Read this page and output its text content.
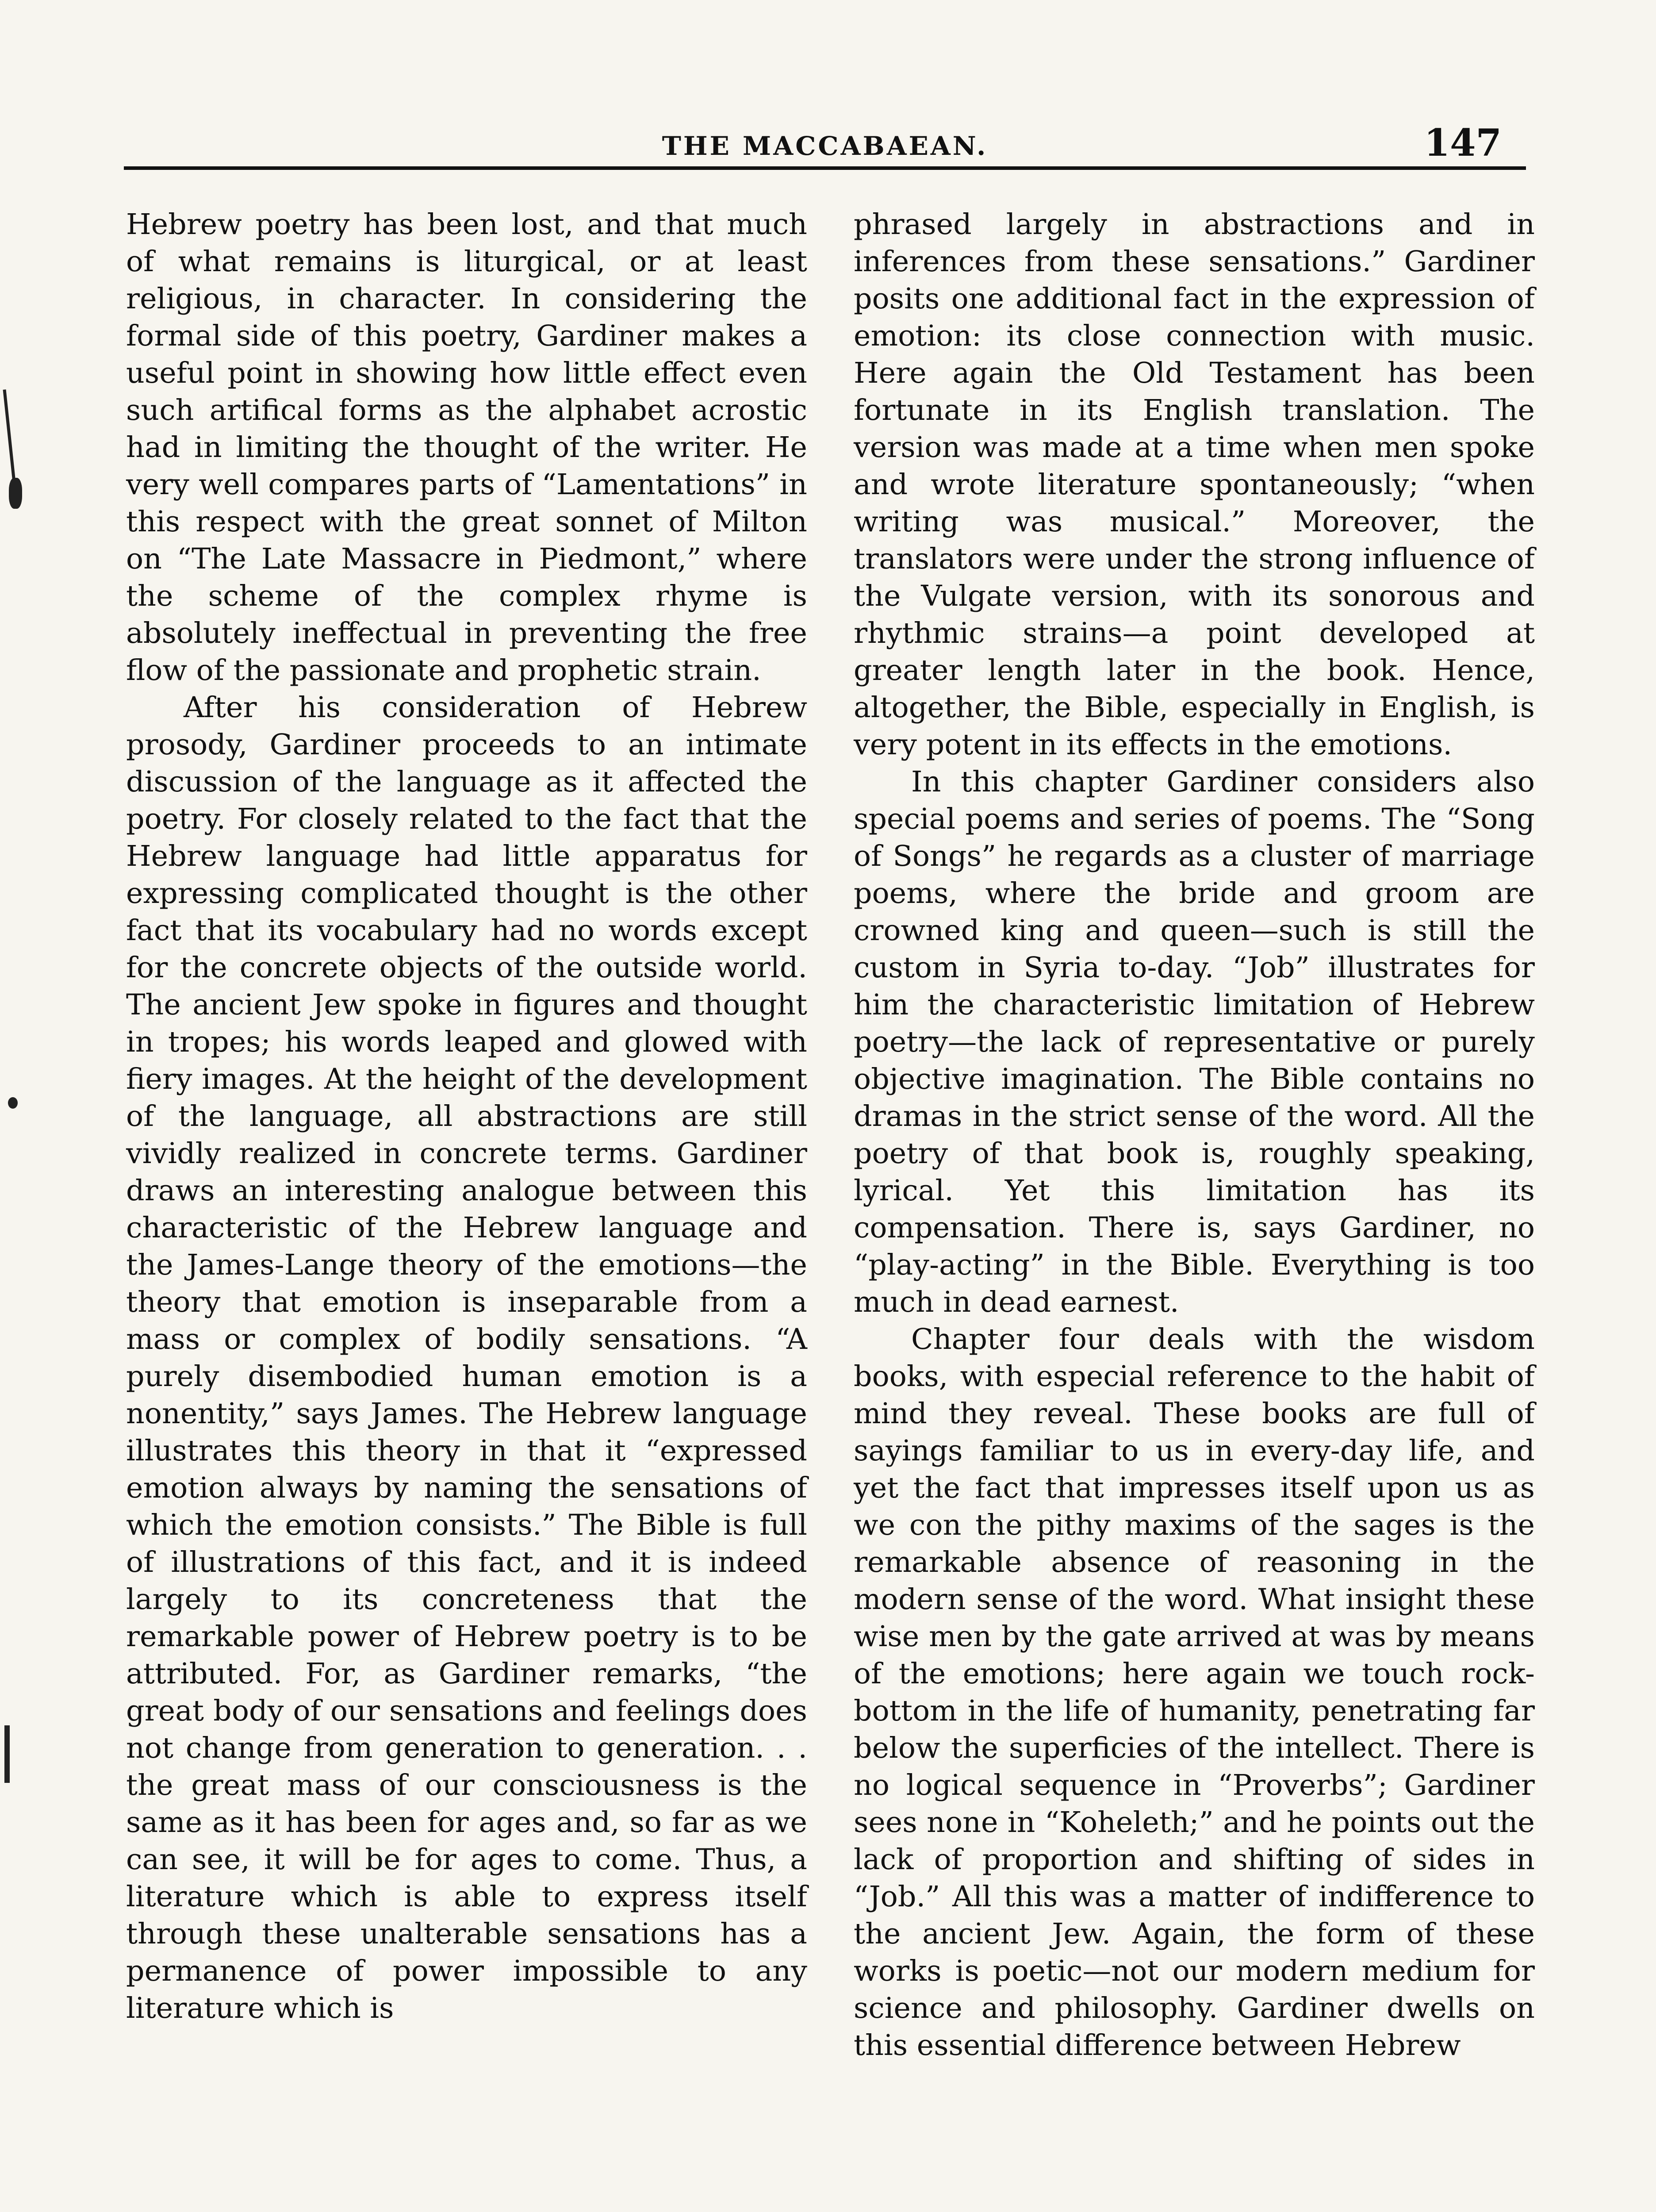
THE MACCABAEAN.	147

Hebrew poetry has been lost, and that much of what remains is liturgical, or at least religious, in character. In considering the formal side of this poetry, Gardiner makes a useful point in showing how little effect even such artifical forms as the alphabet acrostic had in limiting the thought of the writer. He very well compares parts of “Lamentations” in this respect with the great sonnet of Milton on “The Late Massacre in Piedmont,” where the scheme of the complex rhyme is absolutely ineffectual in preventing the free flow of the passionate and prophetic strain.

After his consideration of Hebrew prosody, Gardiner proceeds to an intimate discussion of the language as it affected the poetry. For closely related to the fact that the Hebrew language had little apparatus for expressing complicated thought is the other fact that its vocabulary had no words except for the concrete objects of the outside world. The ancient Jew spoke in figures and thought in tropes; his words leaped and glowed with fiery images. At the height of the development of the language, all abstractions are still vividly realized in concrete terms. Gardiner draws an interesting analogue between this characteristic of the Hebrew language and the James-Lange theory of the emotions—the theory that emotion is inseparable from a mass or complex of bodily sensations. “A purely disembodied human emotion is a nonentity,” says James. The Hebrew language illustrates this theory in that it “expressed emotion always by naming the sensations of which the emotion consists.” The Bible is full of illustrations of this fact, and it is indeed largely to its concreteness that the remarkable power of Hebrew poetry is to be attributed. For, as Gardiner remarks, “the great body of our sensations and feelings does not change from generation to generation. . . the great mass of our consciousness is the same as it has been for ages and, so far as we can see, it will be for ages to come. Thus, a literature which is able to express itself through these unalterable sensations has a permanence of power impossible to any literature which is

phrased largely in abstractions and in inferences from these sensations.” Gardiner posits one additional fact in the expression of emotion: its close connection with music. Here again the Old Testament has been fortunate in its English translation. The version was made at a time when men spoke and wrote literature spontaneously; “when writing was musical.” Moreover, the translators were under the strong influence of the Vulgate version, with its sonorous and rhythmic strains—a point developed at greater length later in the book. Hence, altogether, the Bible, especially in English, is very potent in its effects in the emotions.

In this chapter Gardiner considers also special poems and series of poems. The “Song of Songs” he regards as a cluster of marriage poems, where the bride and groom are crowned king and queen—such is still the custom in Syria to-day. “Job” illustrates for him the characteristic limitation of Hebrew poetry—the lack of representative or purely objective imagination. The Bible contains no dramas in the strict sense of the word. All the poetry of that book is, roughly speaking, lyrical. Yet this limitation has its compensation. There is, says Gardiner, no “play-acting” in the Bible. Everything is too much in dead earnest.

Chapter four deals with the wisdom books, with especial reference to the habit of mind they reveal. These books are full of sayings familiar to us in every-day life, and yet the fact that impresses itself upon us as we con the pithy maxims of the sages is the remarkable absence of reasoning in the modern sense of the word. What insight these wise men by the gate arrived at was by means of the emotions; here again we touch rock-bottom in the life of humanity, penetrating far below the superficies of the intellect. There is no logical sequence in “Proverbs”; Gardiner sees none in “Koheleth;” and he points out the lack of proportion and shifting of sides in “Job.” All this was a matter of indifference to the ancient Jew. Again, the form of these works is poetic—not our modern medium for science and philosophy. Gardiner dwells on this essential difference between Hebrew
